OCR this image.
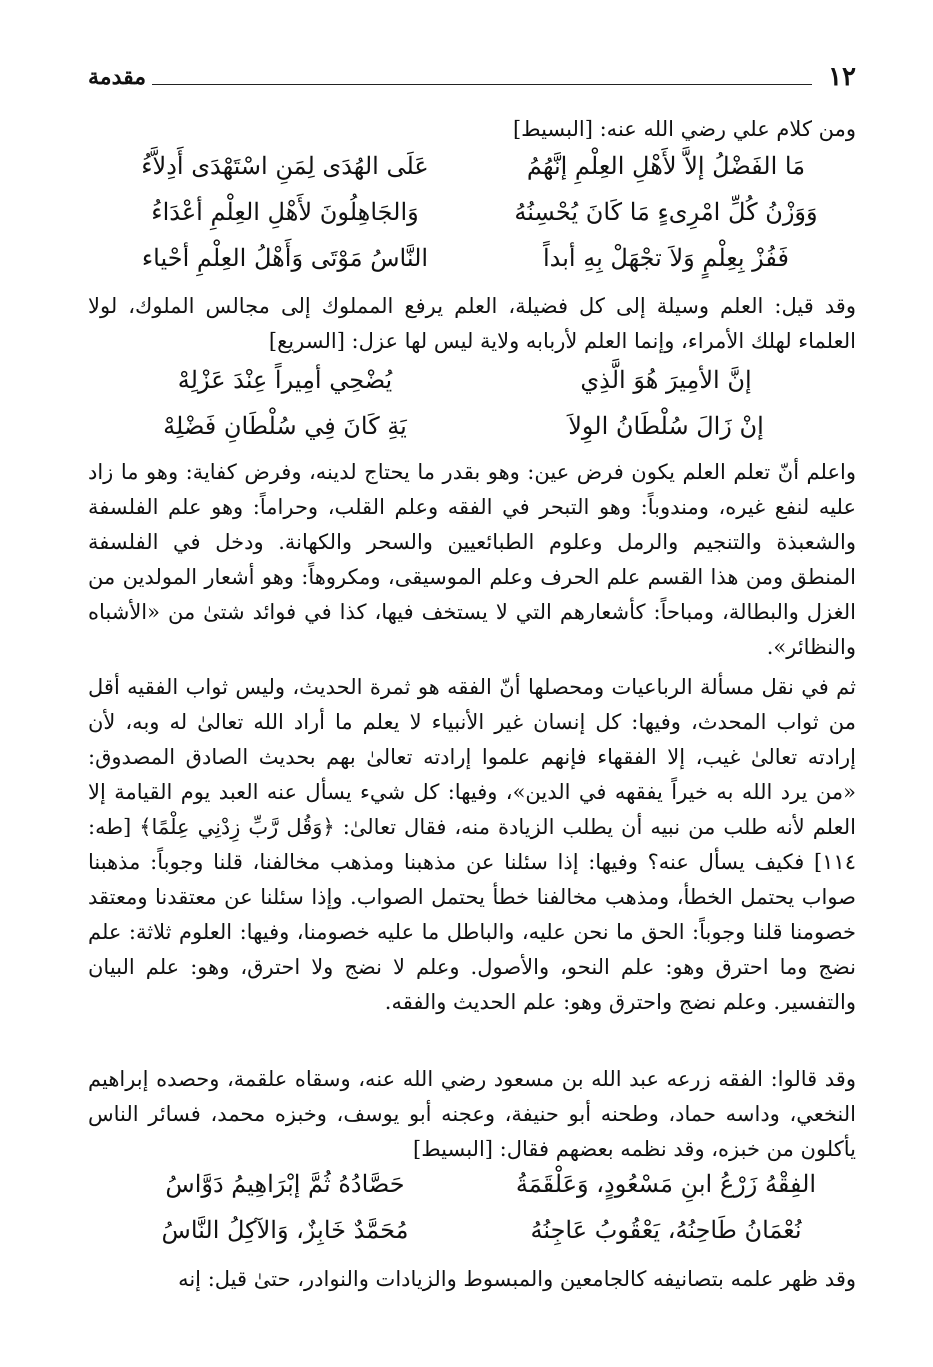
١٢
مقدمة

ومن كلام علي رضي الله عنه: [البسيط]

مَا الفَضْلُ إلاَّ لأَهْلِ العِلْمِ إنَّهُمُ
عَلَى الهُدَى لِمَنِ اسْتَهْدَى أَدِلاَّءُ
وَوَزْنُ كُلِّ امْرِىءٍ مَا كَانَ يُحْسِنُهُ
وَالجَاهِلُونَ لأَهْلِ العِلْمِ أعْدَاءُ
فَفُزْ بِعِلْمٍ وَلاَ تجْهَلْ بِهِ أبداً
النَّاسُ مَوْتَى وَأَهْلُ العِلْمِ أحْياء

وقد قيل: العلم وسيلة إلى كل فضيلة، العلم يرفع المملوك إلى مجالس الملوك، لولا العلماء لهلك الأمراء، وإنما العلم لأربابه ولاية ليس لها عزل: [السريع]

إنَّ الأمِيرَ هُوَ الَّذِي
يُضْحِي أمِيراً عِنْدَ عَزْلِهْ
إنْ زَالَ سُلْطَانُ الوِلاَ
يَةِ كَانَ فِي سُلْطَانِ فَضْلِهْ

واعلم أنّ تعلم العلم يكون فرض عين: وهو بقدر ما يحتاج لدينه، وفرض كفاية: وهو ما زاد عليه لنفع غيره، ومندوباً: وهو التبحر في الفقه وعلم القلب، وحراماً: وهو علم الفلسفة والشعبذة والتنجيم والرمل وعلوم الطبائعيين والسحر والكهانة. ودخل في الفلسفة المنطق ومن هذا القسم علم الحرف وعلم الموسيقى، ومكروهاً: وهو أشعار المولدين من الغزل والبطالة، ومباحاً: كأشعارهم التي لا يستخف فيها، كذا في فوائد شتىٰ من «الأشباه والنظائر».

ثم في نقل مسألة الرباعيات ومحصلها أنّ الفقه هو ثمرة الحديث، وليس ثواب الفقيه أقل من ثواب المحدث، وفيها: كل إنسان غير الأنبياء لا يعلم ما أراد الله تعالىٰ له وبه، لأن إرادته تعالىٰ غيب، إلا الفقهاء فإنهم علموا إرادته تعالىٰ بهم بحديث الصادق المصدوق: «من يرد الله به خيراً يفقهه في الدين»، وفيها: كل شيء يسأل عنه العبد يوم القيامة إلا العلم لأنه طلب من نبيه أن يطلب الزيادة منه، فقال تعالىٰ: ﴿وَقُل رَّبِّ زِدْنِي عِلْمًا﴾ [طه: ١١٤] فكيف يسأل عنه؟ وفيها: إذا سئلنا عن مذهبنا ومذهب مخالفنا، قلنا وجوباً: مذهبنا صواب يحتمل الخطأ، ومذهب مخالفنا خطأ يحتمل الصواب. وإذا سئلنا عن معتقدنا ومعتقد خصومنا قلنا وجوباً: الحق ما نحن عليه، والباطل ما عليه خصومنا، وفيها: العلوم ثلاثة: علم نضج وما احترق وهو: علم النحو، والأصول. وعلم لا نضج ولا احترق، وهو: علم البيان والتفسير. وعلم نضج واحترق وهو: علم الحديث والفقه.

وقد قالوا: الفقه زرعه عبد الله بن مسعود رضي الله عنه، وسقاه علقمة، وحصده إبراهيم النخعي، وداسه حماد، وطحنه أبو حنيفة، وعجنه أبو يوسف، وخبزه محمد، فسائر الناس يأكلون من خبزه، وقد نظمه بعضهم فقال: [البسيط]

الفِقْهُ زَرْعُ ابنِ مَسْعُودٍ، وَعَلْقَمَةُ
حَصَّادُهُ ثُمَّ إبْرَاهِيمُ دَوَّاسُ
نُعْمَانُ طَاحِنُهُ، يَعْقُوبُ عَاجِنُهُ
مُحَمَّدٌ خَابِزٌ، وَالآكِلُ النَّاسُ

وقد ظهر علمه بتصانيفه كالجامعين والمبسوط والزيادات والنوادر، حتىٰ قيل: إنه
